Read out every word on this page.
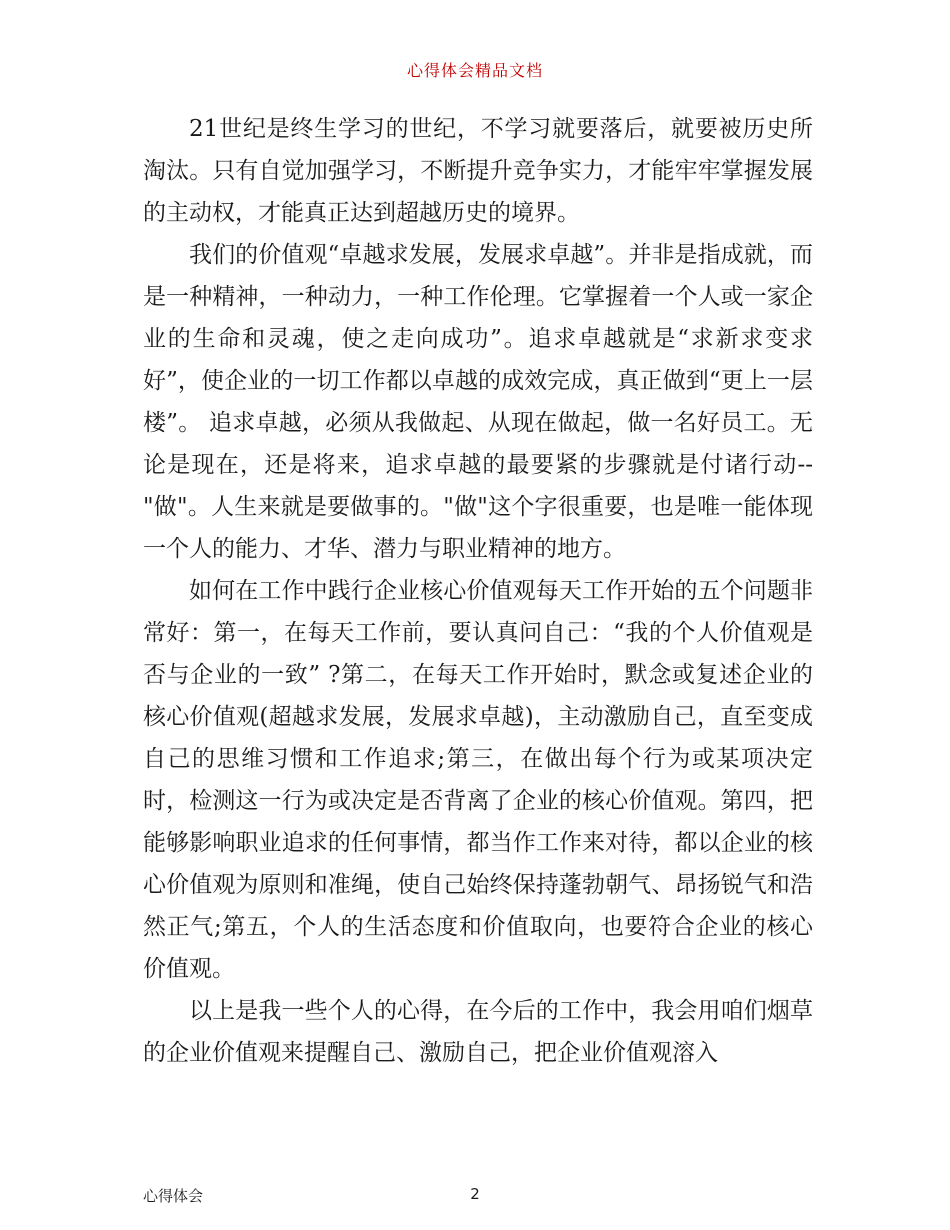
心得体会精品文档

21世纪是终生学习的世纪，不学习就要落后，就要被历史所淘汰。只有自觉加强学习，不断提升竞争实力，才能牢牢掌握发展的主动权，才能真正达到超越历史的境界。

我们的价值观“卓越求发展，发展求卓越”。并非是指成就，而是一种精神，一种动力，一种工作伦理。它掌握着一个人或一家企业的生命和灵魂，使之走向成功”。追求卓越就是“求新求变求好”，使企业的一切工作都以卓越的成效完成，真正做到“更上一层楼”。 追求卓越，必须从我做起、从现在做起，做一名好员工。无论是现在，还是将来，追求卓越的最要紧的步骤就是付诸行动--"做"。人生来就是要做事的。"做"这个字很重要，也是唯一能体现一个人的能力、才华、潜力与职业精神的地方。

如何在工作中践行企业核心价值观每天工作开始的五个问题非常好：第一，在每天工作前，要认真问自己：“我的个人价值观是否与企业的一致” ?第二，在每天工作开始时，默念或复述企业的核心价值观(超越求发展，发展求卓越)，主动激励自己，直至变成自己的思维习惯和工作追求;第三，在做出每个行为或某项决定时，检测这一行为或决定是否背离了企业的核心价值观。第四，把能够影响职业追求的任何事情，都当作工作来对待，都以企业的核心价值观为原则和准绳，使自己始终保持蓬勃朝气、昂扬锐气和浩然正气;第五，个人的生活态度和价值取向，也要符合企业的核心价值观。

以上是我一些个人的心得，在今后的工作中，我会用咱们烟草的企业价值观来提醒自己、激励自己，把企业价值观溶入

心得体会	2
